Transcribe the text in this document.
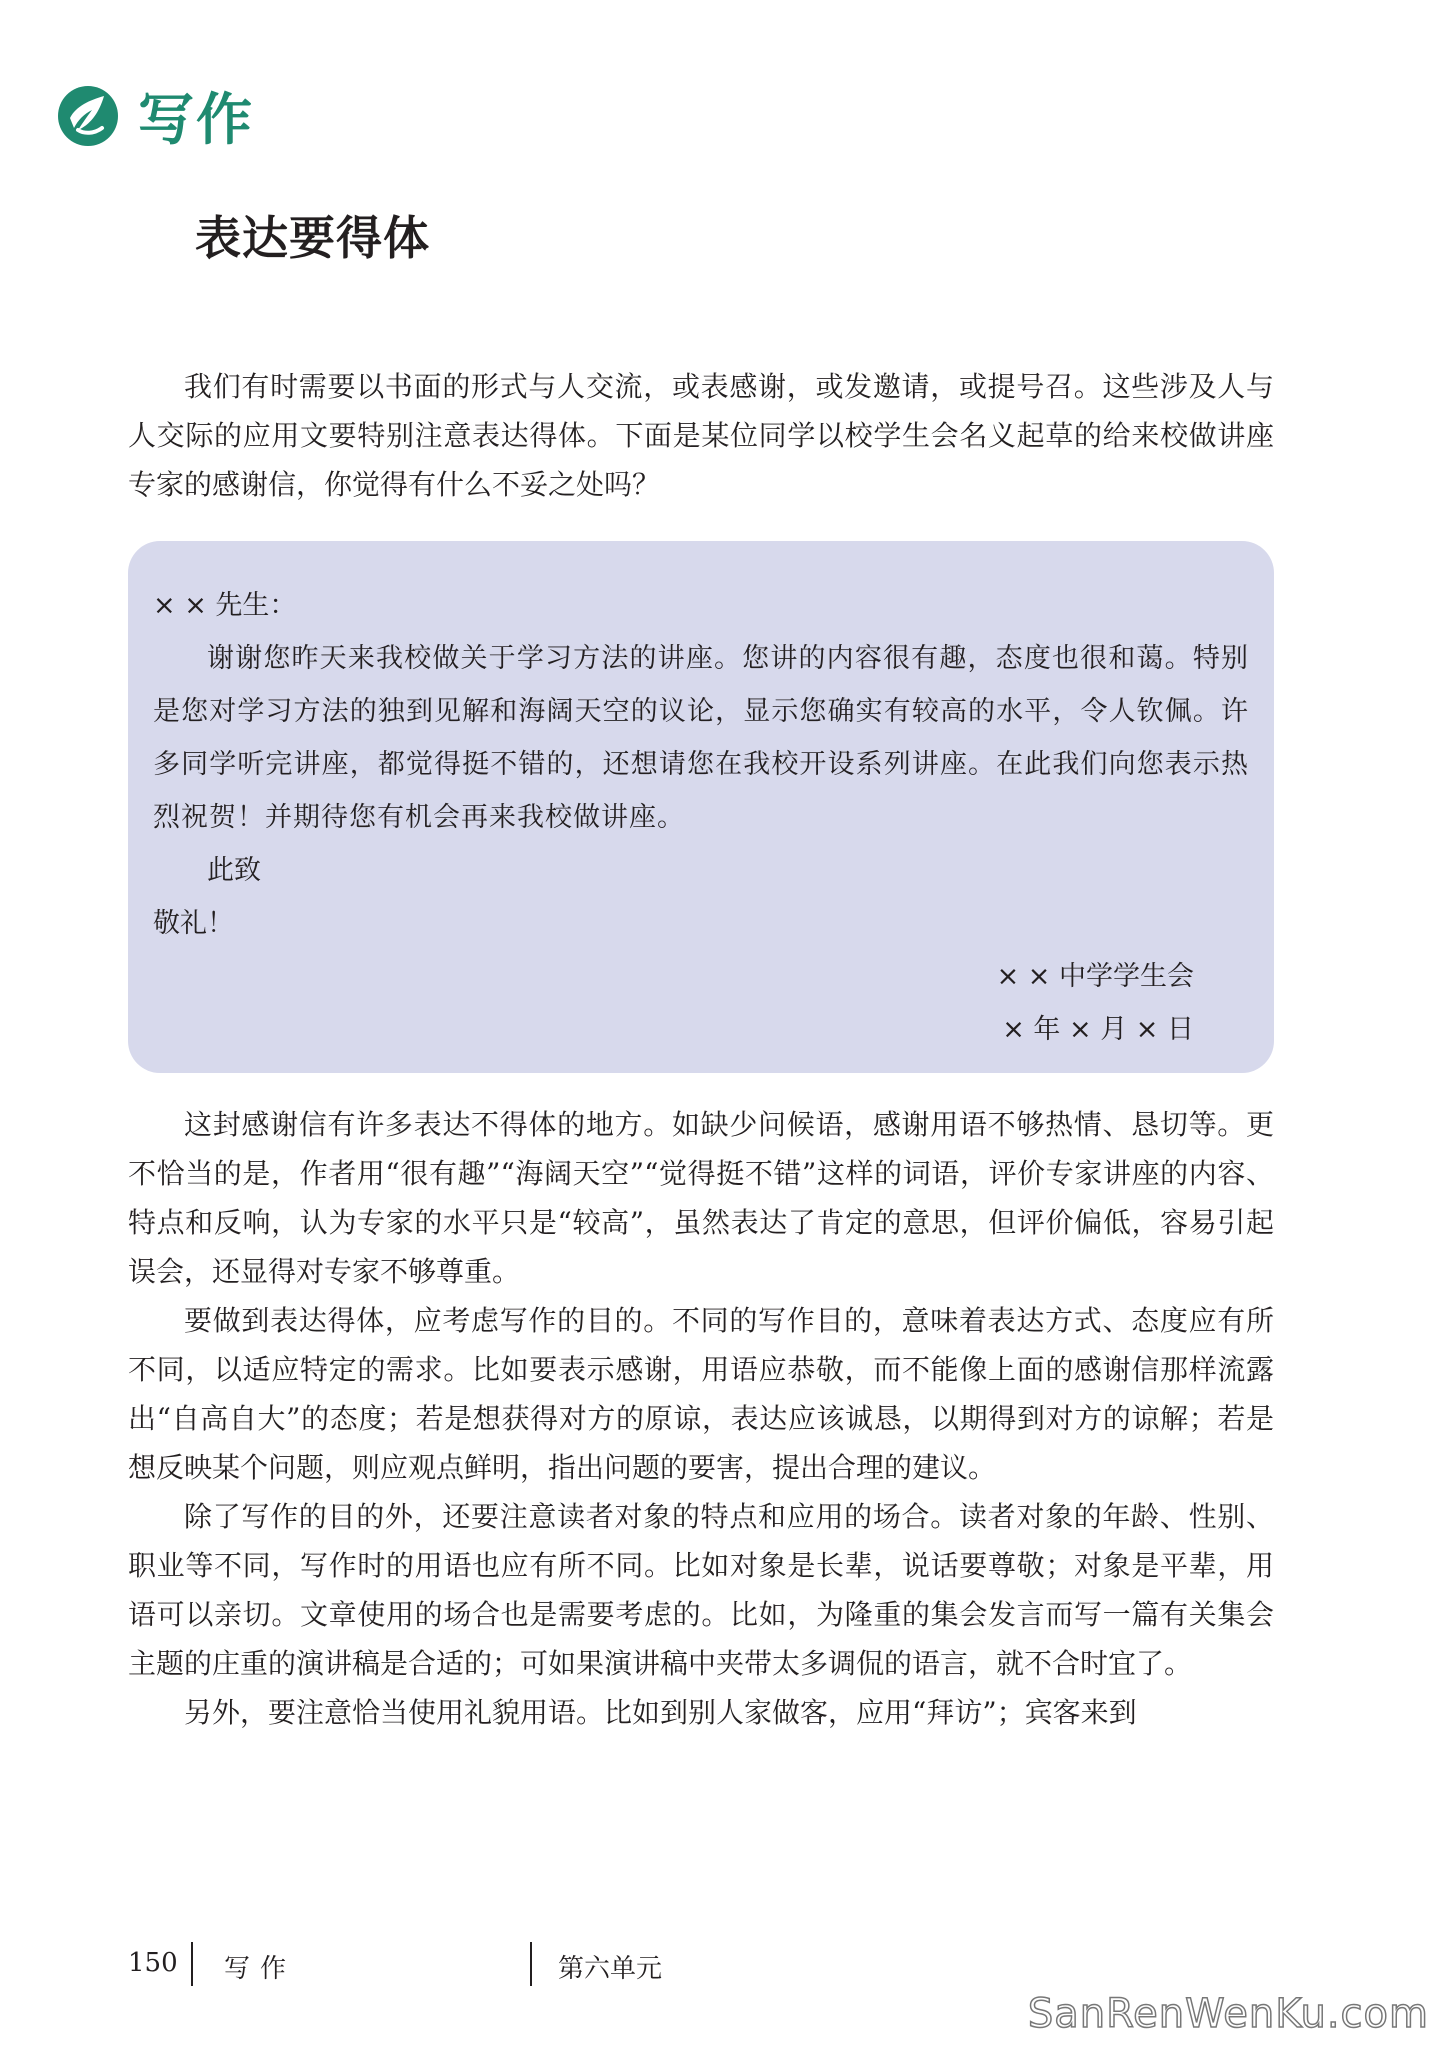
写作
表达要得体

我们有时需要以书面的形式与人交流，或表感谢，或发邀请，或提号召。这些涉及人与人交际的应用文要特别注意表达得体。下面是某位同学以校学生会名义起草的给来校做讲座专家的感谢信，你觉得有什么不妥之处吗？

× × 先生：

谢谢您昨天来我校做关于学习方法的讲座。您讲的内容很有趣，态度也很和蔼。特别是您对学习方法的独到见解和海阔天空的议论，显示您确实有较高的水平，令人钦佩。许多同学听完讲座，都觉得挺不错的，还想请您在我校开设系列讲座。在此我们向您表示热烈祝贺！并期待您有机会再来我校做讲座。

此致

敬礼！

× × 中学学生会

× 年 × 月 × 日

这封感谢信有许多表达不得体的地方。如缺少问候语，感谢用语不够热情、恳切等。更不恰当的是，作者用“很有趣”“海阔天空”“觉得挺不错”这样的词语，评价专家讲座的内容、特点和反响，认为专家的水平只是“较高”，虽然表达了肯定的意思，但评价偏低，容易引起误会，还显得对专家不够尊重。

要做到表达得体，应考虑写作的目的。不同的写作目的，意味着表达方式、态度应有所不同，以适应特定的需求。比如要表示感谢，用语应恭敬，而不能像上面的感谢信那样流露出“自高自大”的态度；若是想获得对方的原谅，表达应该诚恳，以期得到对方的谅解；若是想反映某个问题，则应观点鲜明，指出问题的要害，提出合理的建议。

除了写作的目的外，还要注意读者对象的特点和应用的场合。读者对象的年龄、性别、职业等不同，写作时的用语也应有所不同。比如对象是长辈，说话要尊敬；对象是平辈，用语可以亲切。文章使用的场合也是需要考虑的。比如，为隆重的集会发言而写一篇有关集会主题的庄重的演讲稿是合适的；可如果演讲稿中夹带太多调侃的语言，就不合时宜了。

另外，要注意恰当使用礼貌用语。比如到别人家做客，应用“拜访”；宾客来到

150 写作	第六单元
SanRenWenKu.com
